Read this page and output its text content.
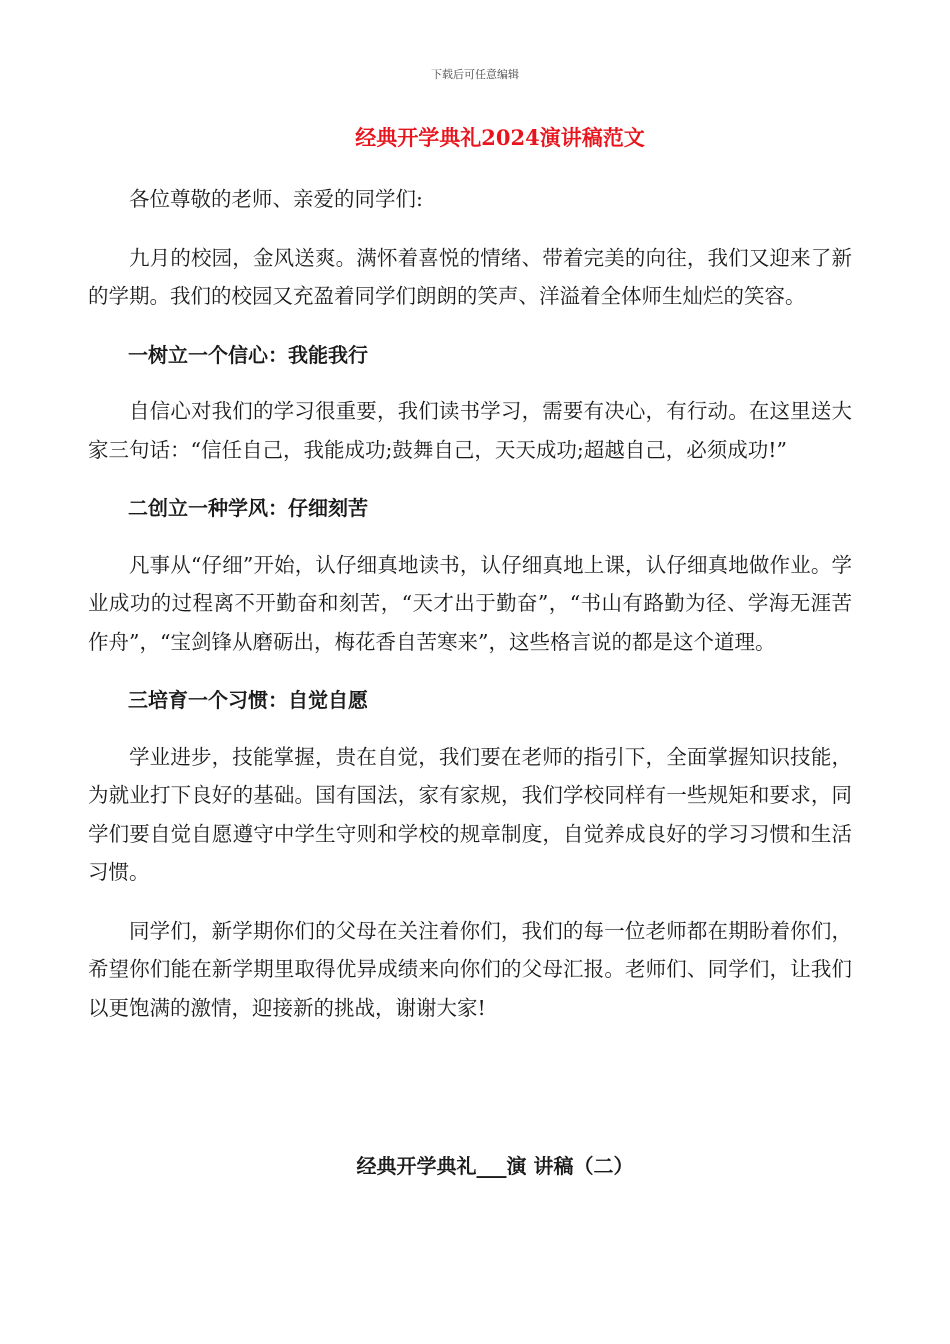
下载后可任意编辑
经典开学典礼2024演讲稿范文

各位尊敬的老师、亲爱的同学们:

九月的校园，金风送爽。满怀着喜悦的情绪、带着完美的向往，我们又迎来了新的学期。我们的校园又充盈着同学们朗朗的笑声、洋溢着全体师生灿烂的笑容。

一树立一个信心：我能我行

自信心对我们的学习很重要，我们读书学习，需要有决心，有行动。在这里送大家三句话：“信任自己，我能成功;鼓舞自己，天天成功;超越自己，必须成功!”

二创立一种学风：仔细刻苦

凡事从“仔细”开始，认仔细真地读书，认仔细真地上课，认仔细真地做作业。学业成功的过程离不开勤奋和刻苦，“天才出于勤奋”，“书山有路勤为径、学海无涯苦作舟”，“宝剑锋从磨砺出，梅花香自苦寒来”，这些格言说的都是这个道理。

三培育一个习惯：自觉自愿

学业进步，技能掌握，贵在自觉，我们要在老师的指引下，全面掌握知识技能，为就业打下良好的基础。国有国法，家有家规，我们学校同样有一些规矩和要求，同学们要自觉自愿遵守中学生守则和学校的规章制度，自觉养成良好的学习习惯和生活习惯。

同学们，新学期你们的父母在关注着你们，我们的每一位老师都在期盼着你们，希望你们能在新学期里取得优异成绩来向你们的父母汇报。老师们、同学们，让我们以更饱满的激情，迎接新的挑战，谢谢大家!

经典开学典礼___演 讲稿（二）
